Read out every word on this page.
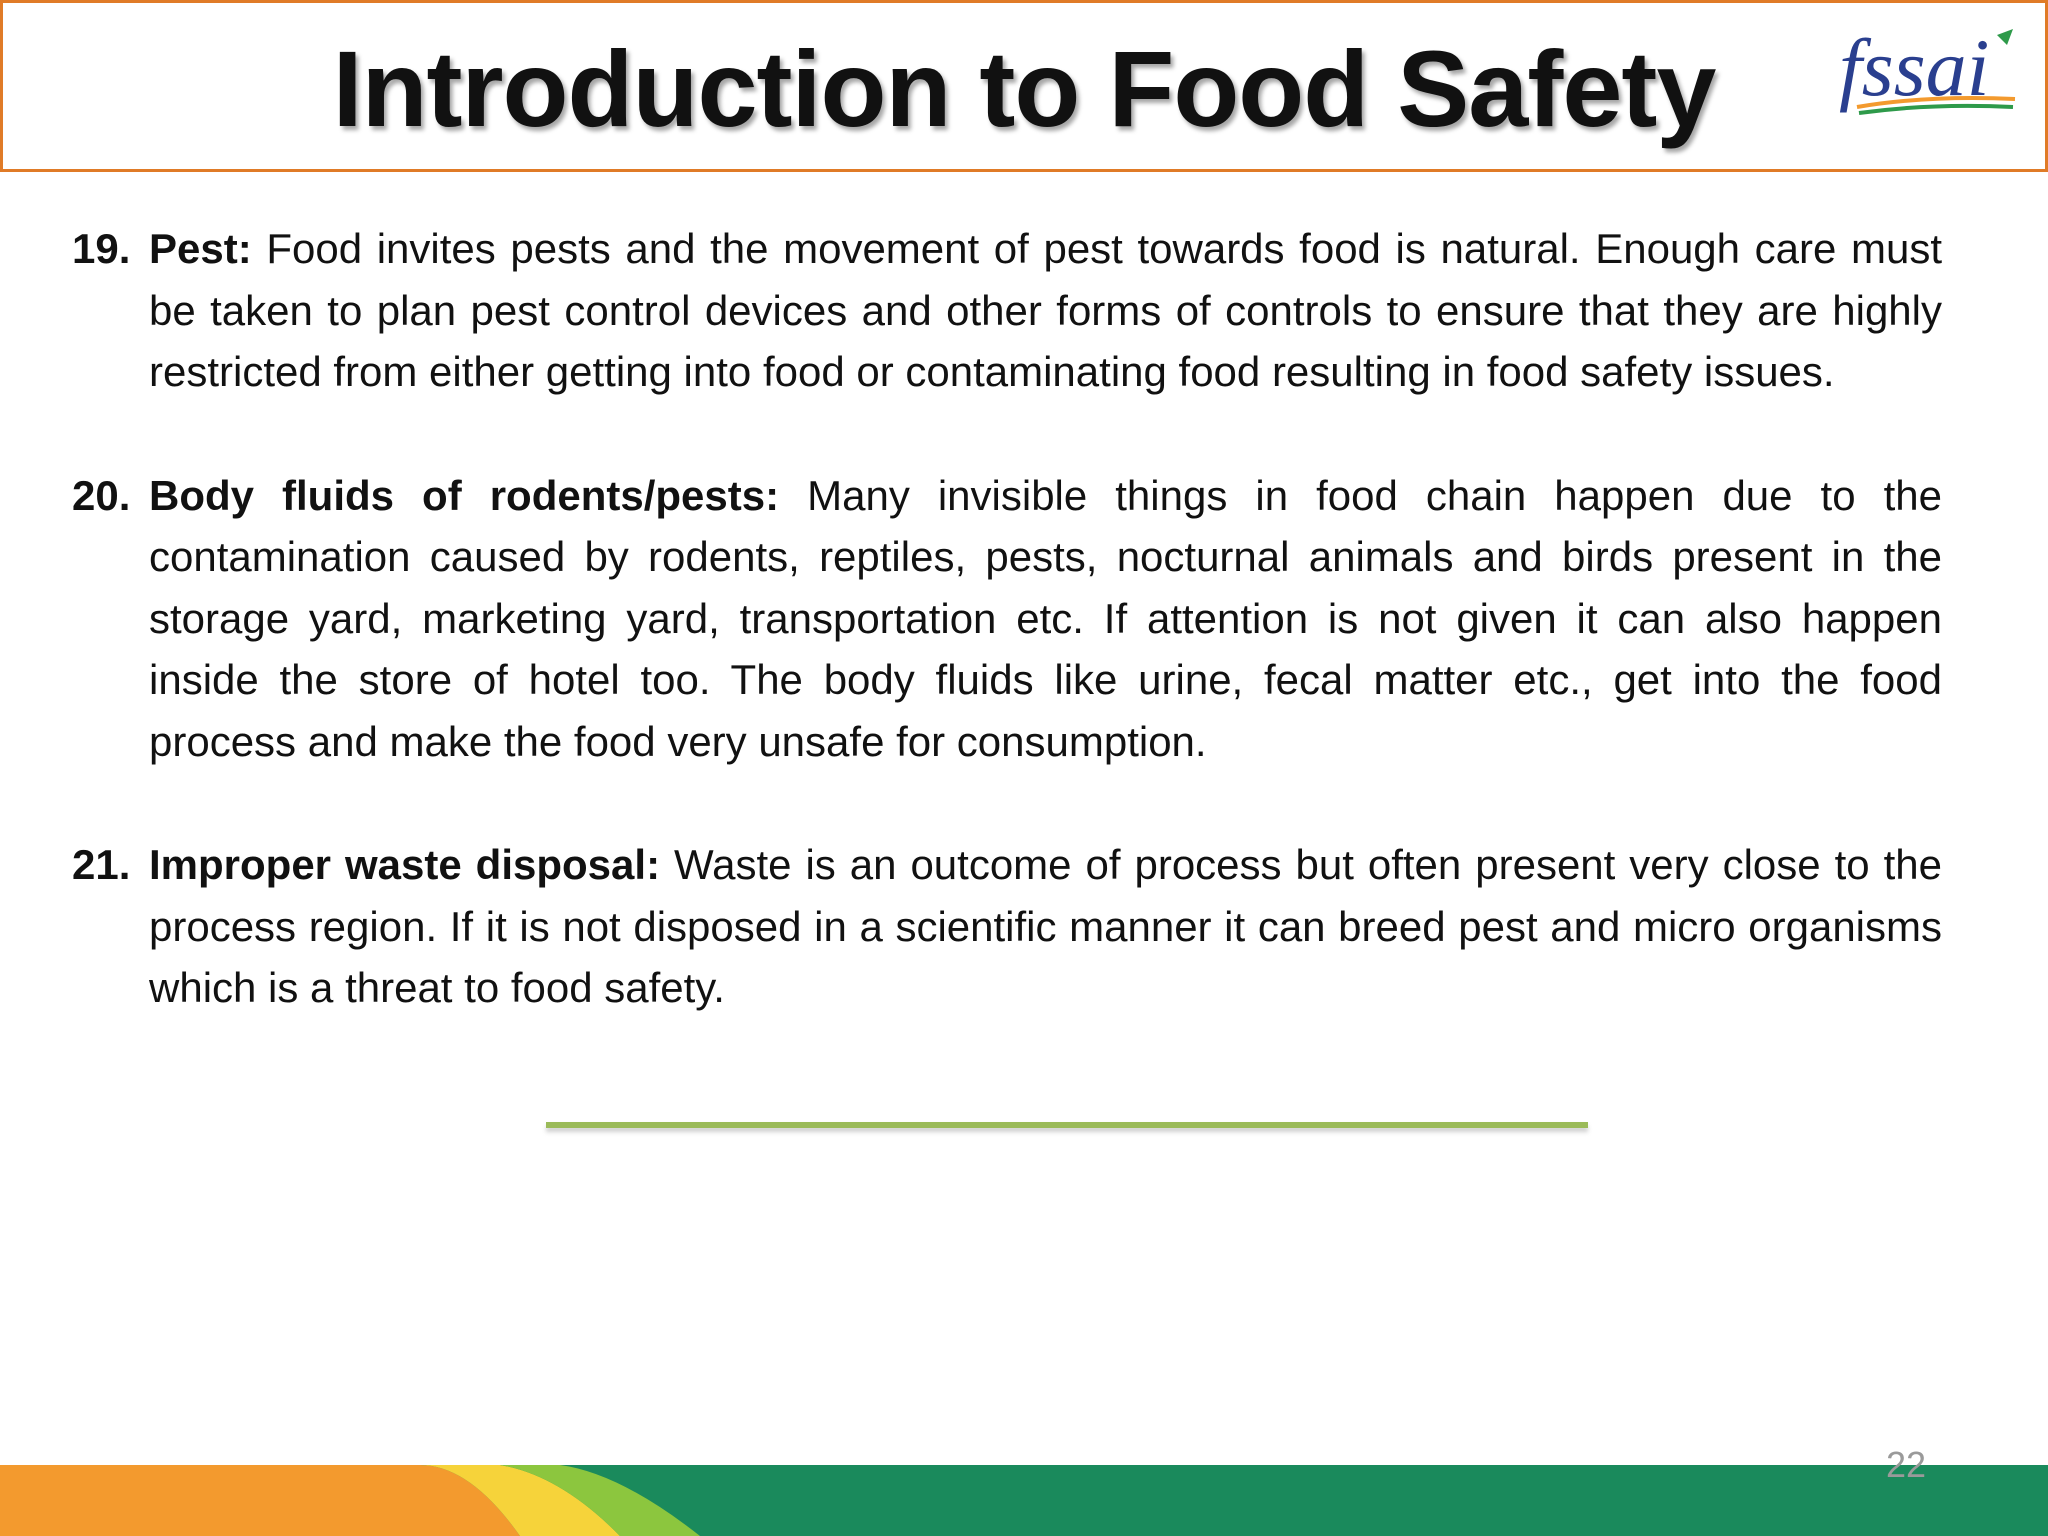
Introduction to Food Safety	fssai
19. Pest: Food invites pests and the movement of pest towards food is natural. Enough care must be taken to plan pest control devices and other forms of controls to ensure that they are highly restricted from either getting into food or contaminating food resulting in food safety issues.
20. Body fluids of rodents/pests: Many invisible things in food chain happen due to the contamination caused by rodents, reptiles, pests, nocturnal animals and birds present in the storage yard, marketing yard, transportation etc. If attention is not given it can also happen inside the store of hotel too. The body fluids like urine, fecal matter etc., get into the food process and make the food very unsafe for consumption.
21. Improper waste disposal: Waste is an outcome of process but often present very close to the process region. If it is not disposed in a scientific manner it can breed pest and micro organisms which is a threat to food safety.
22
